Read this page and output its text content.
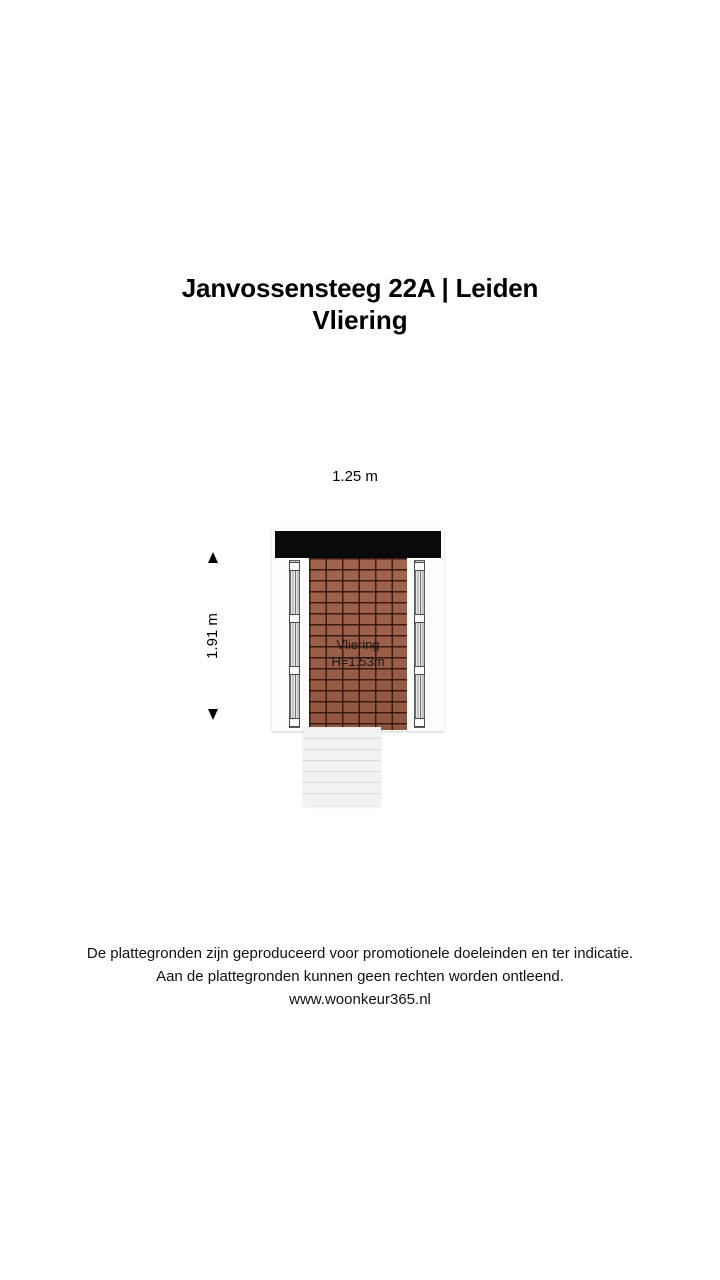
Janvossensteeg 22A | Leiden
Vliering
1.25 m
1.91 m	Vliering
H=1.53m
De plattegronden zijn geproduceerd voor promotionele doeleinden en ter indicatie.
Aan de plattegronden kunnen geen rechten worden ontleend.
www.woonkeur365.nl
